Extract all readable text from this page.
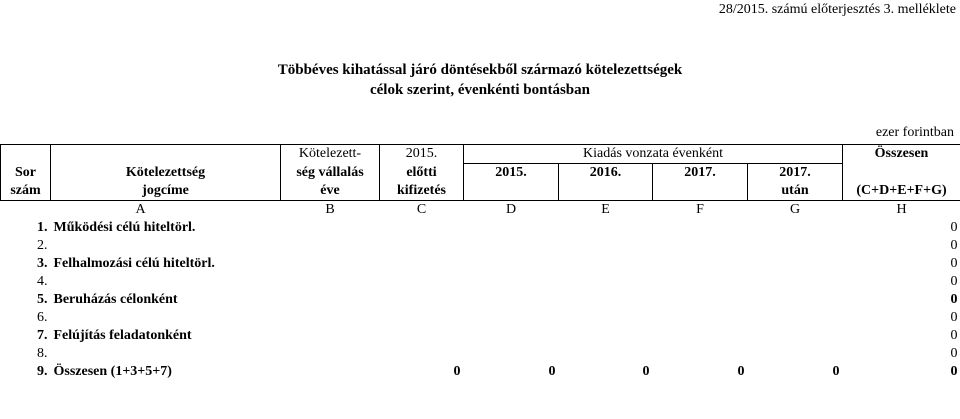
28/2015. számú előterjesztés 3. melléklete
Többéves kihatással járó döntésekből származó kötelezettségek
célok szerint, évenkénti bontásban
ezer forintban
		Kötelezett-	2015.	Kiadás vonzata évenként				Összesen
Sor	Kötelezettség	ség vállalás	előtti	2015.	2016.	2017.	2017.	
szám	jogcíme	éve	kifizetés				után	(C+D+E+F+G)
A		B	C	D	E	F	G	H
1.	Működési célú hiteltörl.							0
2.								0
3.	Felhalmozási célú hiteltörl.							0
4.								0
5.	Beruházás célonként							0
6.								0
7.	Felújítás feladatonként							0
8.								0
9.	Összesen (1+3+5+7)		0	0	0	0	0	0
